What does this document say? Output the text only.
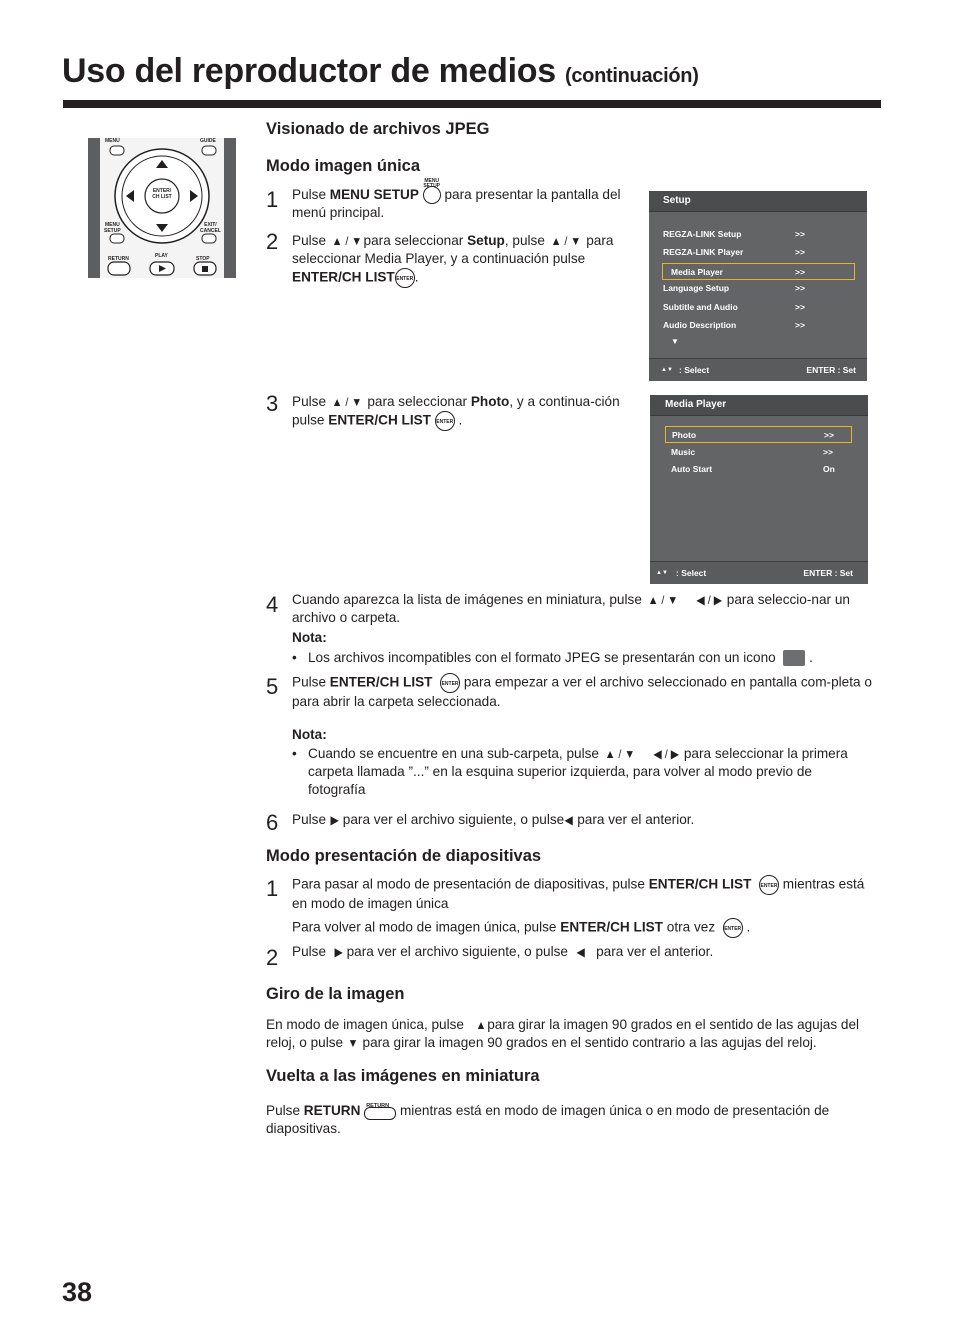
Uso del reproductor de medios (continuación)
MENU	GUIDE
ENTER/
CH LIST
MENU
SETUP
EXIT/
CANCEL
RETURN	PLAY	STOP
Visionado de archivos JPEG
Modo imagen única
1 Pulse MENU SETUP
MENU
SETUP
para presentar la pantalla del menú principal.
2 Pulse ▲ / ▼ para seleccionar Setup, pulse ▲ / ▼ para seleccionar Media Player, y a continuación pulse ENTER/CH LIST ENTER .
Setup
REGZA-LINK Setup	>>
REGZA-LINK Player	>>
Media Player	>>
Language Setup	>>
Subtitle and Audio	>>
Audio Description	>>
▼
▲▼ : Select	ENTER : Set
3 Pulse ▲ / ▼ para seleccionar Photo, y a continua-ción pulse ENTER/CH LIST ENTER .
Media Player
Photo	>>
Music	>>
Auto Start	On
▲▼ : Select	ENTER : Set
4 Cuando aparezca la lista de imágenes en miniatura, pulse ▲ / ▼ ◀ / ▶ para seleccio-nar un archivo o carpeta.
Nota:
• Los archivos incompatibles con el formato JPEG se presentarán con un icono .
5 Pulse ENTER/CH LIST ENTER para empezar a ver el archivo seleccionado en pantalla com-pleta o para abrir la carpeta seleccionada.
Nota:
• Cuando se encuentre en una sub-carpeta, pulse ▲ / ▼ ◀ / ▶ para seleccionar la primera carpeta llamada ”...” en la esquina superior izquierda, para volver al modo previo de fotografía
6 Pulse ▶ para ver el archivo siguiente, o pulse◀ para ver el anterior.
Modo presentación de diapositivas
1 Para pasar al modo de presentación de diapositivas, pulse ENTER/CH LIST ENTER mientras está en modo de imagen única
Para volver al modo de imagen única, pulse ENTER/CH LIST otra vez ENTER .
2 Pulse  ▶ para ver el archivo siguiente, o pulse  ◀   para ver el anterior.
Giro de la imagen
En modo de imagen única, pulse   ▲para girar la imagen 90 grados en el sentido de las agujas del reloj, o pulse ▼ para girar la imagen 90 grados en el sentido contrario a las agujas del reloj.
Vuelta a las imágenes en miniatura
Pulse RETURN RETURN mientras está en modo de imagen única o en modo de presentación de diapositivas.
38
